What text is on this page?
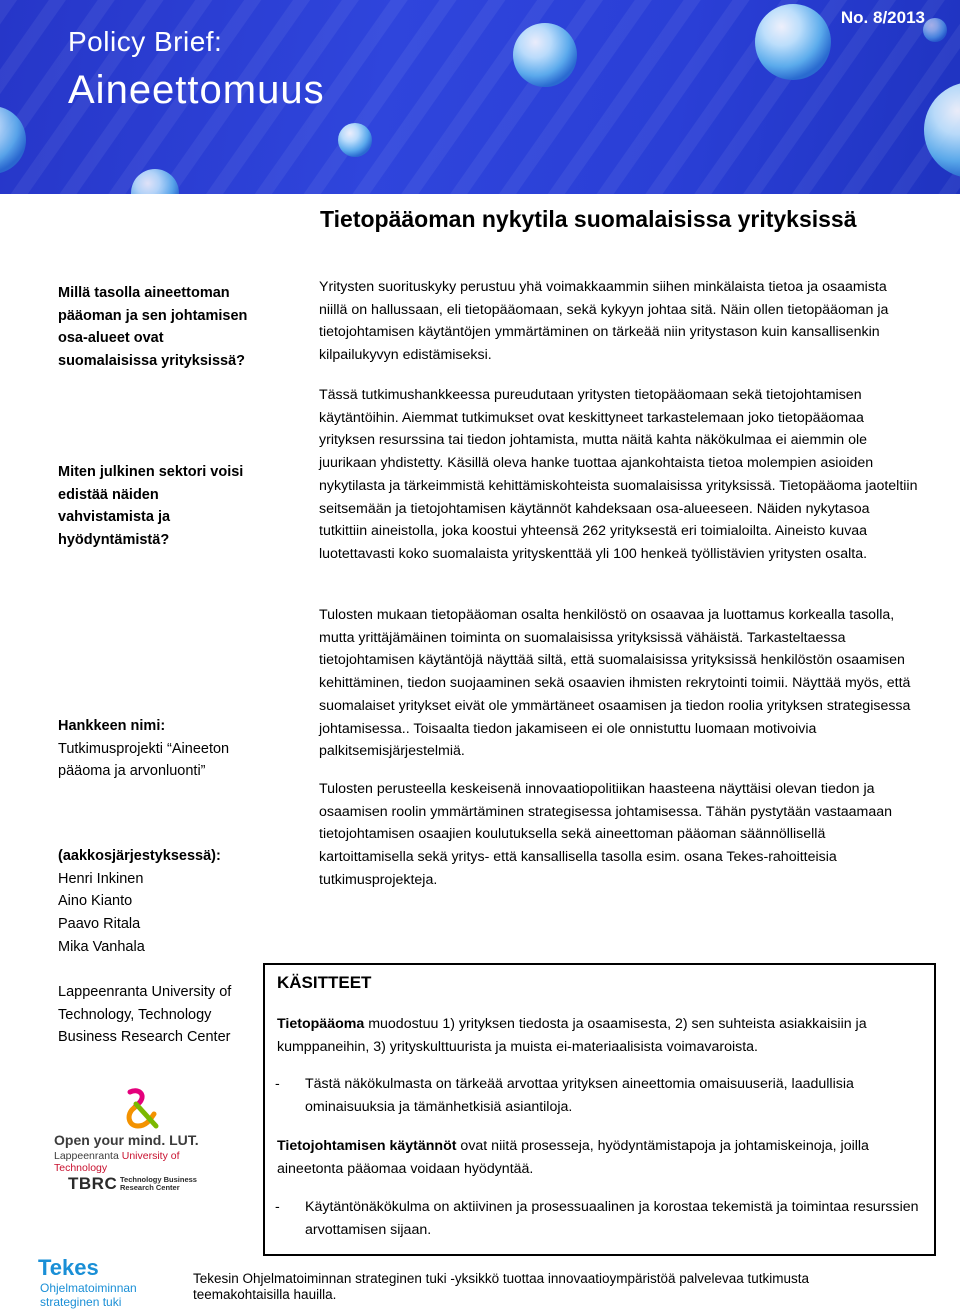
Policy Brief:
Aineettomuus
No. 8/2013
Tietopääoman nykytila suomalaisissa yrityksissä
Millä tasolla aineettoman pääoman ja sen johtamisen osa-alueet ovat suomalaisissa yrityksissä?
Miten julkinen sektori voisi edistää näiden vahvistamista ja hyödyntämistä?
Hankkeen nimi:
Tutkimusprojekti “Aineeton pääoma ja arvonluonti”
(aakkosjärjestyksessä):
Henri Inkinen
Aino Kianto
Paavo Ritala
Mika Vanhala
Lappeenranta University of Technology, Technology Business Research Center
Yritysten suorituskyky perustuu yhä voimakkaammin siihen minkälaista tietoa ja osaamista niillä on hallussaan, eli tietopääomaan, sekä kykyyn johtaa sitä. Näin ollen tietopääoman ja tietojohtamisen käytäntöjen ymmärtäminen on tärkeää niin yritystason kuin kansallisenkin kilpailukyvyn edistämiseksi.
Tässä tutkimushankkeessa pureudutaan yritysten tietopääomaan sekä tietojohtamisen käytäntöihin. Aiemmat tutkimukset ovat keskittyneet tarkastelemaan joko tietopääomaa yrityksen resurssina tai tiedon johtamista, mutta näitä kahta näkökulmaa ei aiemmin ole juurikaan yhdistetty. Käsillä oleva hanke tuottaa ajankohtaista tietoa molempien asioiden nykytilasta ja tärkeimmistä kehittämiskohteista suomalaisissa yrityksissä. Tietopääoma jaoteltiin seitsemään ja tietojohtamisen käytännöt kahdeksaan osa-alueeseen. Näiden nykytasoa tutkittiin aineistolla, joka koostui yhteensä 262 yrityksestä eri toimialoilta. Aineisto kuvaa luotettavasti koko suomalaista yrityskenttää yli 100 henkeä työllistävien yritysten osalta.
Tulosten mukaan tietopääoman osalta henkilöstö on osaavaa ja luottamus korkealla tasolla, mutta yrittäjämäinen toiminta on suomalaisissa yrityksissä vähäistä. Tarkasteltaessa tietojohtamisen käytäntöjä näyttää siltä, että suomalaisissa yrityksissä henkilöstön osaamisen kehittäminen, tiedon suojaaminen sekä osaavien ihmisten rekrytointi toimii. Näyttää myös, että suomalaiset yritykset eivät ole ymmärtäneet osaamisen ja tiedon roolia yrityksen strategisessa johtamisessa.. Toisaalta tiedon jakamiseen ei ole onnistuttu luomaan motivoivia palkitsemisjärjestelmiä.
Tulosten perusteella keskeisenä innovaatiopolitiikan haasteena näyttäisi olevan tiedon ja osaamisen roolin ymmärtäminen strategisessa johtamisessa. Tähän pystytään vastaamaan tietojohtamisen osaajien koulutuksella sekä aineettoman pääoman säännöllisellä kartoittamisella sekä yritys- että kansallisella tasolla esim. osana Tekes-rahoitteisia tutkimusprojekteja.
KÄSITTEET
Tietopääoma muodostuu 1) yrityksen tiedosta ja osaamisesta, 2) sen suhteista asiakkaisiin ja kumppaneihin, 3) yrityskulttuurista ja muista ei-materiaalisista voimavaroista.
- Tästä näkökulmasta on tärkeää arvottaa yrityksen aineettomia omaisuuseriä, laadullisia ominaisuuksia ja tämänhetkisiä asiantiloja.
Tietojohtamisen käytännöt ovat niitä prosesseja, hyödyntämistapoja ja johtamiskeinoja, joilla aineetonta pääomaa voidaan hyödyntää.
- Käytäntönäkökulma on aktiivinen ja prosessuaalinen ja korostaa tekemistä ja toimintaa resurssien arvottamisen sijaan.
Open your mind. LUT.
Lappeenranta University of Technology
TBRC Technology Business Research Center
Tekes
Ohjelmatoiminnan strateginen tuki
Tekesin Ohjelmatoiminnan strateginen tuki -yksikkö tuottaa innovaatioympäristöä palvelevaa tutkimusta teemakohtaisilla hauilla.
